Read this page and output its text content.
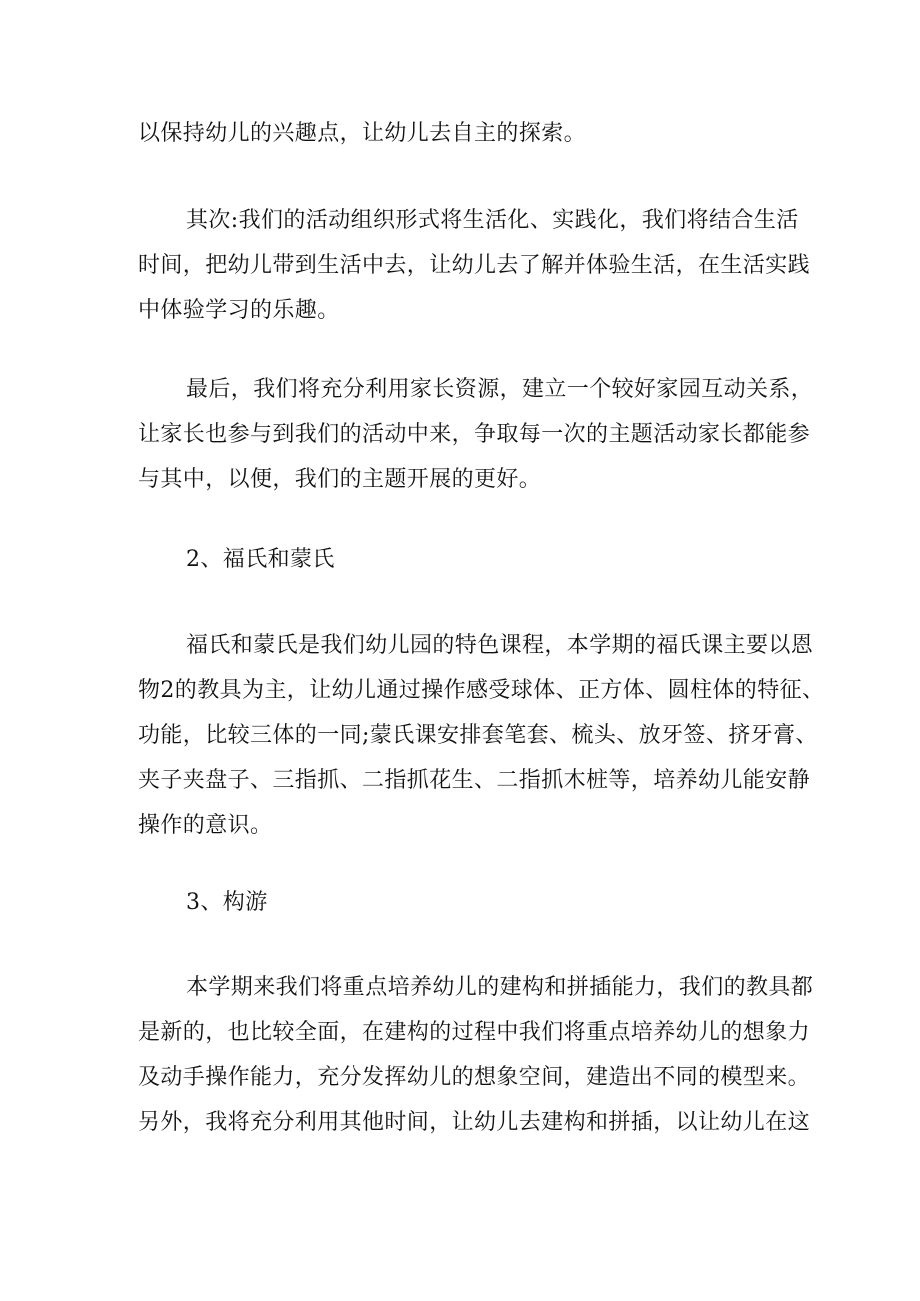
以保持幼儿的兴趣点，让幼儿去自主的探索。
其次:我们的活动组织形式将生活化、实践化，我们将结合生活
时间，把幼儿带到生活中去，让幼儿去了解并体验生活，在生活实践
中体验学习的乐趣。
最后，我们将充分利用家长资源，建立一个较好家园互动关系，
让家长也参与到我们的活动中来，争取每一次的主题活动家长都能参
与其中，以便，我们的主题开展的更好。
2、福氏和蒙氏
福氏和蒙氏是我们幼儿园的特色课程，本学期的福氏课主要以恩
物2的教具为主，让幼儿通过操作感受球体、正方体、圆柱体的特征、
功能，比较三体的一同;蒙氏课安排套笔套、梳头、放牙签、挤牙膏、
夹子夹盘子、三指抓、二指抓花生、二指抓木桩等，培养幼儿能安静
操作的意识。
3、构游
本学期来我们将重点培养幼儿的建构和拼插能力，我们的教具都
是新的，也比较全面，在建构的过程中我们将重点培养幼儿的想象力
及动手操作能力，充分发挥幼儿的想象空间，建造出不同的模型来。
另外，我将充分利用其他时间，让幼儿去建构和拼插，以让幼儿在这
